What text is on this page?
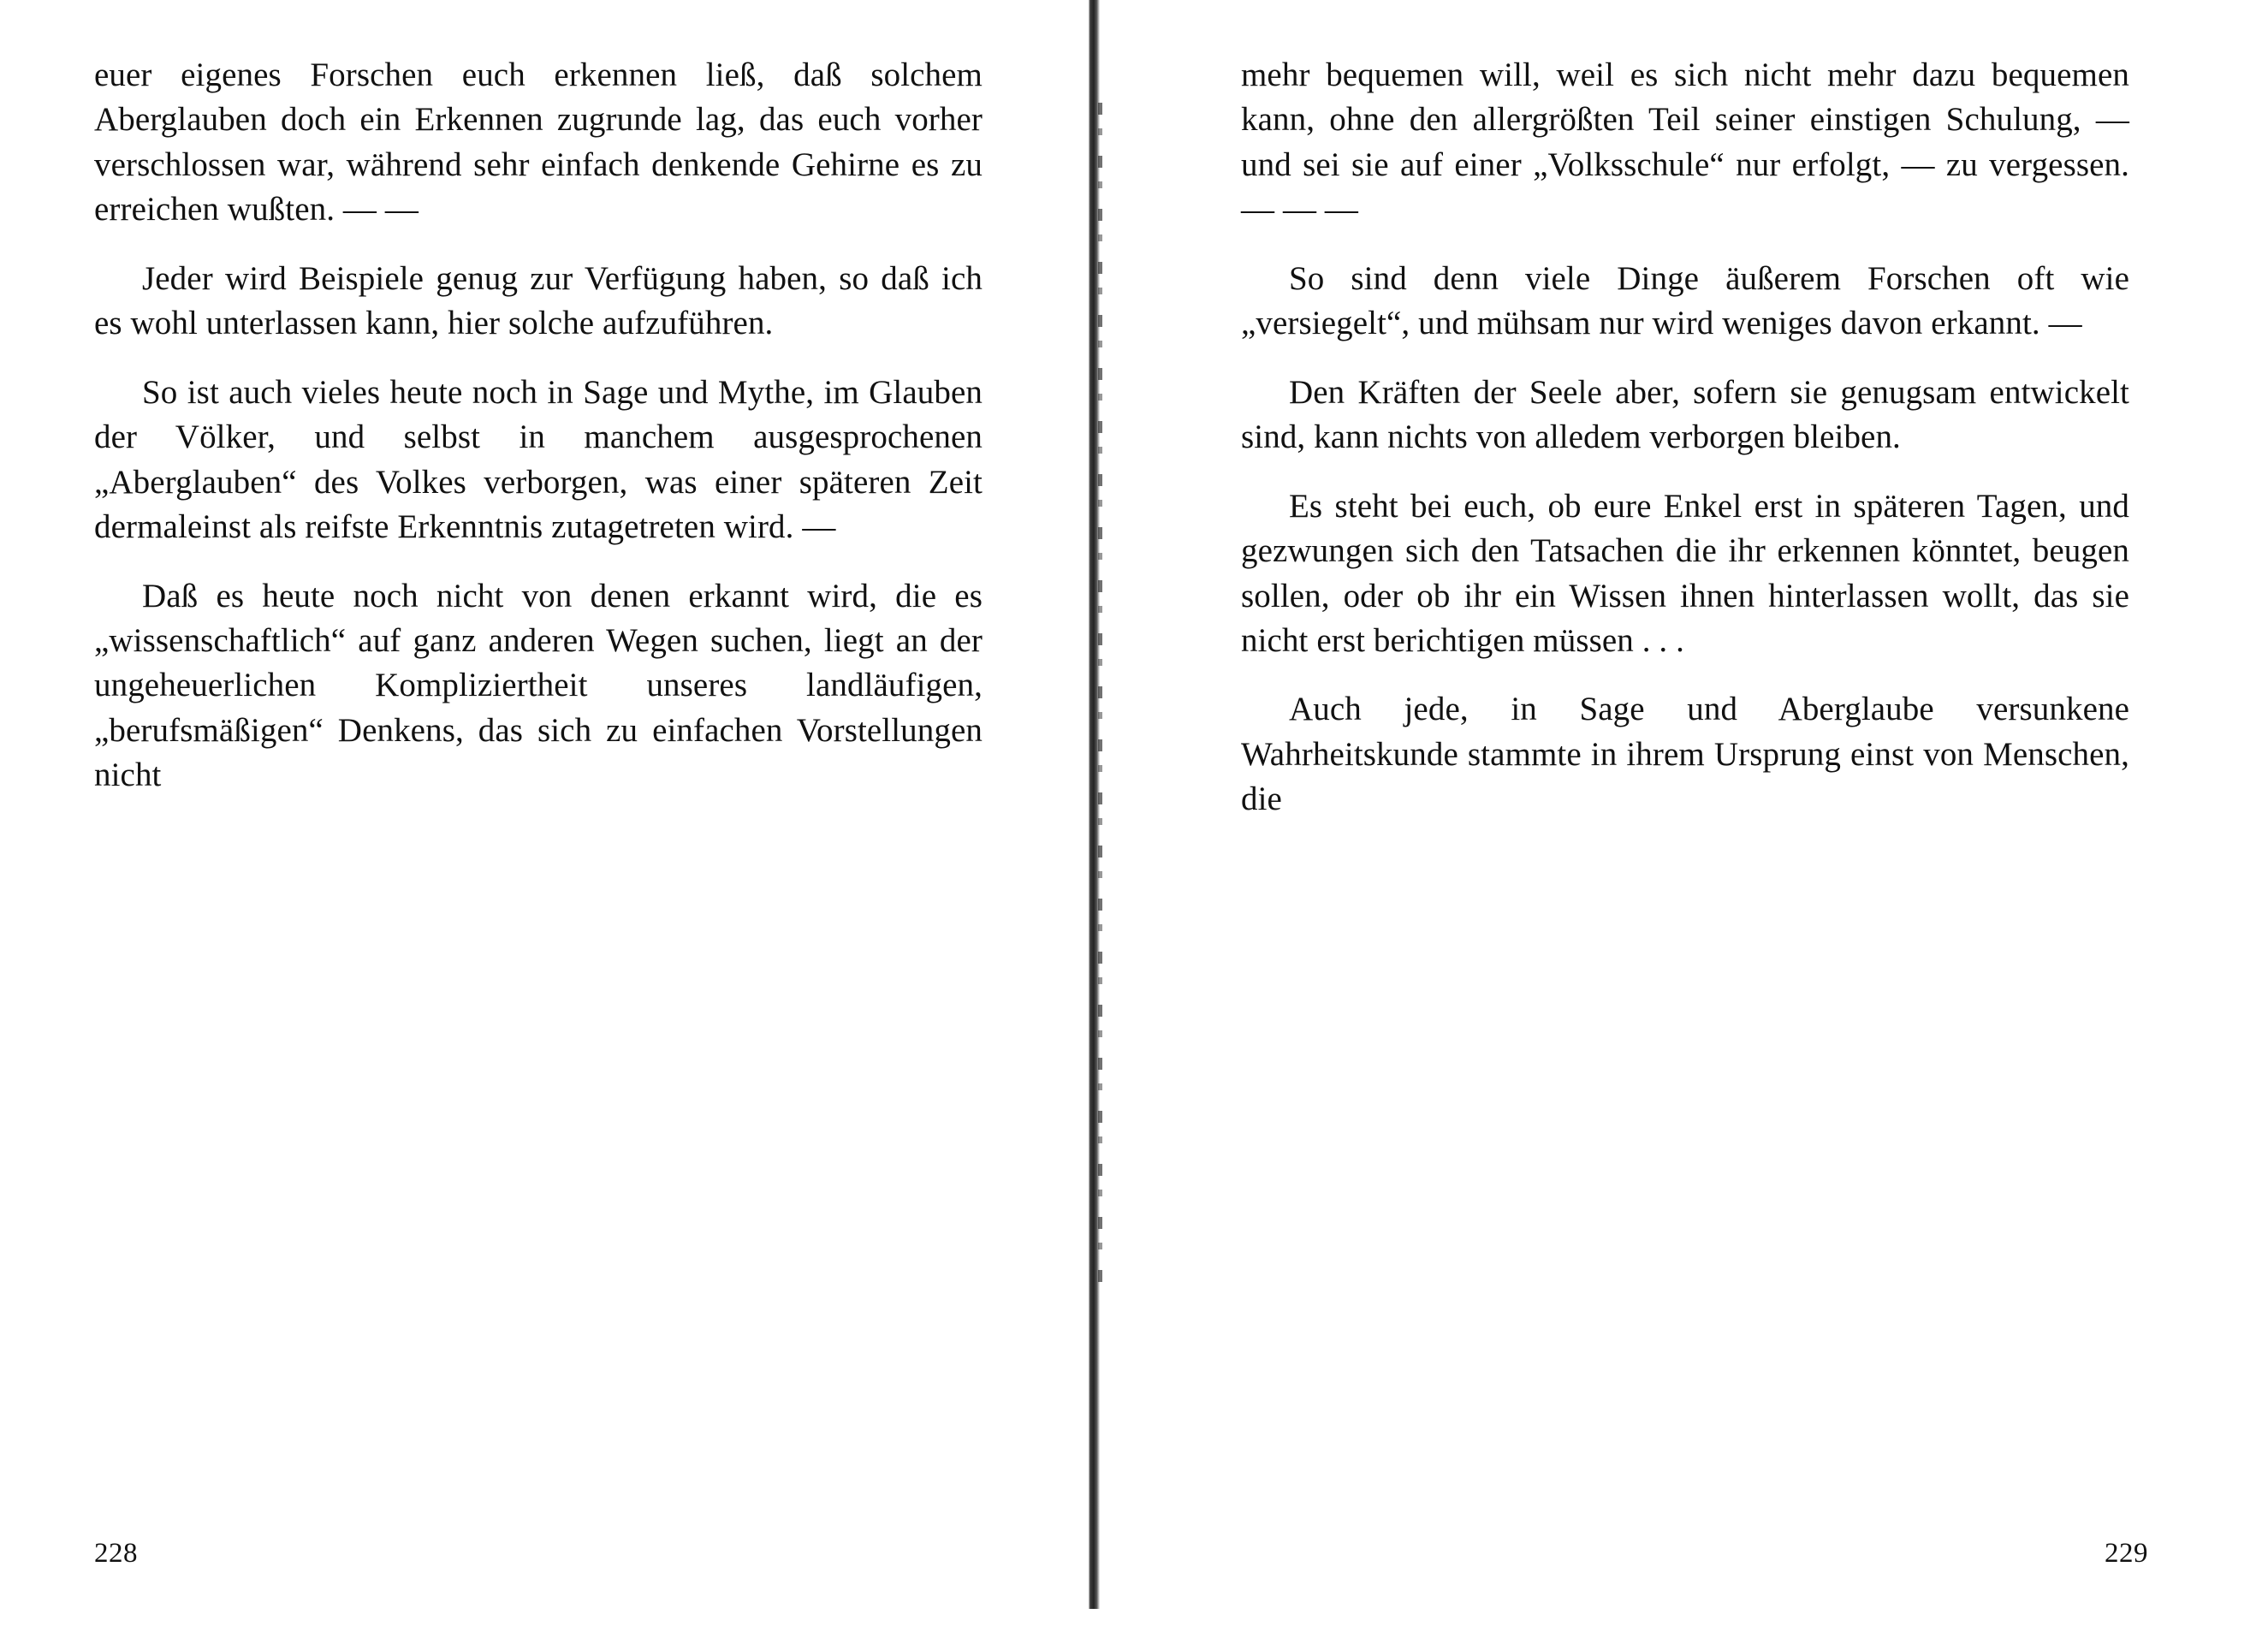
euer eigenes Forschen euch erkennen ließ, daß solchem Aberglauben doch ein Erkennen zugrunde lag, das euch vorher verschlossen war, während sehr einfach denkende Gehirne es zu erreichen wußten. — —

Jeder wird Beispiele genug zur Verfügung haben, so daß ich es wohl unterlassen kann, hier solche aufzuführen.

So ist auch vieles heute noch in Sage und Mythe, im Glauben der Völker, und selbst in manchem ausgesprochenen „Aberglauben“ des Volkes verborgen, was einer späteren Zeit dermaleinst als reifste Erkenntnis zutagetreten wird. —

Daß es heute noch nicht von denen erkannt wird, die es „wissenschaftlich“ auf ganz anderen Wegen suchen, liegt an der ungeheuerlichen Kompliziertheit unseres landläufigen, „berufsmäßigen“ Denkens, das sich zu einfachen Vorstellungen nicht

228

mehr bequemen will, weil es sich nicht mehr dazu bequemen kann, ohne den allergrößten Teil seiner einstigen Schulung, — und sei sie auf einer „Volksschule“ nur erfolgt, — zu vergessen. — — —

So sind denn viele Dinge äußerem Forschen oft wie „versiegelt“, und mühsam nur wird weniges davon erkannt. —

Den Kräften der Seele aber, sofern sie genugsam entwickelt sind, kann nichts von alledem verborgen bleiben.

Es steht bei euch, ob eure Enkel erst in späteren Tagen, und gezwungen sich den Tatsachen die ihr erkennen könntet, beugen sollen, oder ob ihr ein Wissen ihnen hinterlassen wollt, das sie nicht erst berichtigen müssen . . .

Auch jede, in Sage und Aberglaube versunkene Wahrheitskunde stammte in ihrem Ursprung einst von Menschen, die

229
